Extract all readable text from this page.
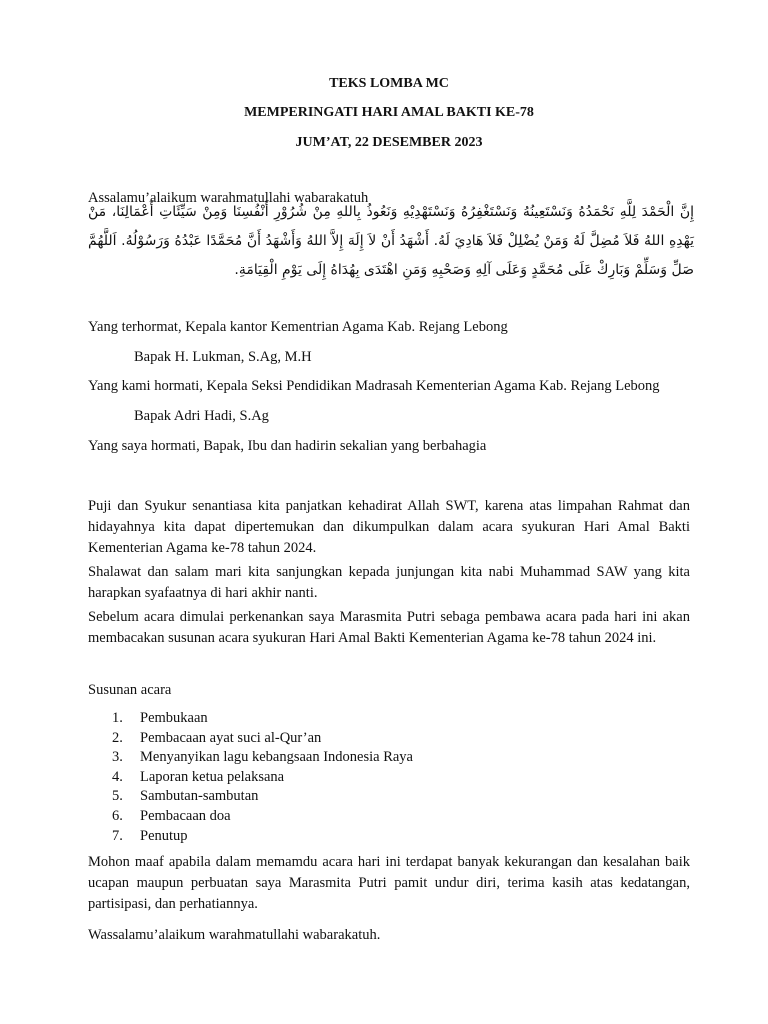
TEKS LOMBA MC

MEMPERINGATI HARI AMAL BAKTI KE-78

JUM’AT, 22 DESEMBER 2023

Assalamu’alaikum warahmatullahi wabarakatuh

إِنَّ الْحَمْدَ لِلَّهِ نَحْمَدُهُ وَنَسْتَعِينُهُ وَنَسْتَغْفِرُهُ وَنَسْتَهْدِيْهِ وَنَعُوذُ بِاللهِ مِنْ شُرُوْرِ أَنْفُسِنَا وَمِنْ سَيِّئَاتِ أَعْمَالِنَا، مَنْ يَهْدِهِ اللهُ فَلاَ مُضِلَّ لَهُ وَمَنْ يُضْلِلْ فَلاَ هَادِيَ لَهُ. أَشْهَدُ أَنْ لاَ إِلَهَ إِلاَّ اللهُ وَأَشْهَدُ أَنَّ مُحَمَّدًا عَبْدُهُ وَرَسُوْلُهُ. اَللَّهُمَّ صَلِّ وَسَلِّمْ وَبَارِكْ عَلَى مُحَمَّدٍ وَعَلَى آلِهِ وَصَحْبِهِ وَمَنِ اهْتَدَى بِهُدَاهُ إِلَى يَوْمِ الْقِيَامَةِ.

Yang terhormat, Kepala kantor Kementrian Agama Kab. Rejang Lebong

Bapak H. Lukman, S.Ag, M.H

Yang kami hormati, Kepala Seksi Pendidikan Madrasah Kementerian Agama Kab. Rejang Lebong

Bapak Adri Hadi, S.Ag

Yang saya hormati, Bapak, Ibu dan hadirin sekalian yang berbahagia

Puji dan Syukur senantiasa kita panjatkan kehadirat Allah SWT, karena atas limpahan Rahmat dan hidayahnya kita dapat dipertemukan dan dikumpulkan dalam acara syukuran Hari Amal Bakti Kementerian Agama ke-78 tahun 2024.

Shalawat dan salam mari kita sanjungkan kepada junjungan kita nabi Muhammad SAW yang kita harapkan syafaatnya di hari akhir nanti.

Sebelum acara dimulai perkenankan saya Marasmita Putri sebaga pembawa acara pada hari ini akan membacakan susunan acara syukuran Hari Amal Bakti Kementerian Agama ke-78 tahun 2024 ini.

Susunan acara

1.	Pembukaan
2.	Pembacaan ayat suci al-Qur’an
3.	Menyanyikan lagu kebangsaan Indonesia Raya
4.	Laporan ketua pelaksana
5.	Sambutan-sambutan
6.	Pembacaan doa
7.	Penutup

Mohon maaf apabila dalam memamdu acara hari ini terdapat banyak kekurangan dan kesalahan baik ucapan maupun perbuatan saya Marasmita Putri pamit undur diri, terima kasih atas kedatangan, partisipasi, dan perhatiannya.

Wassalamu’alaikum warahmatullahi wabarakatuh.
